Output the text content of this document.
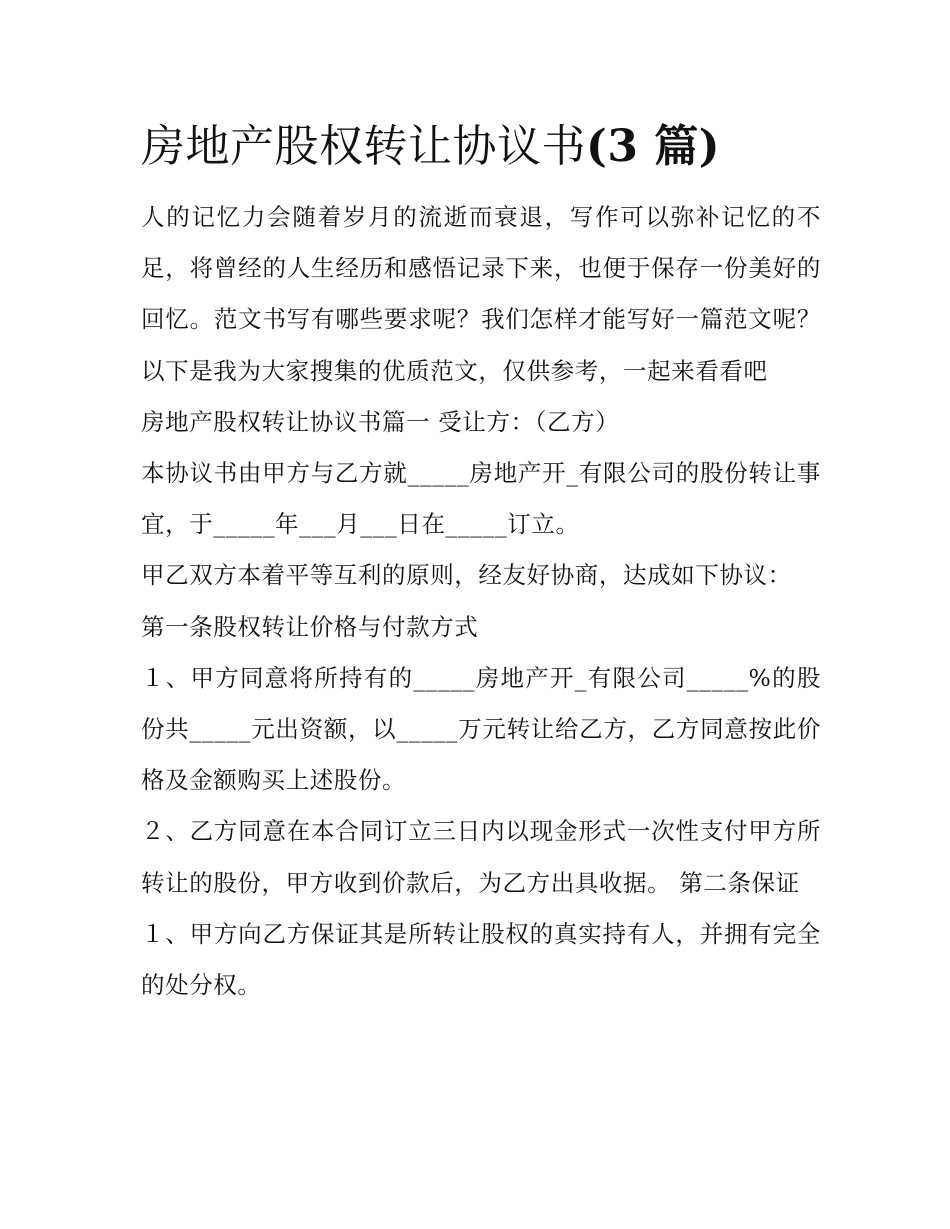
房地产股权转让协议书(3 篇)

人的记忆力会随着岁月的流逝而衰退，写作可以弥补记忆的不足，将曾经的人生经历和感悟记录下来，也便于保存一份美好的回忆。范文书写有哪些要求呢？我们怎样才能写好一篇范文呢？以下是我为大家搜集的优质范文，仅供参考，一起来看看吧

房地产股权转让协议书篇一 受让方：（乙方）

本协议书由甲方与乙方就_____房地产开_有限公司的股份转让事宜，于_____年___月___日在_____订立。

甲乙双方本着平等互利的原则，经友好协商，达成如下协议：

第一条股权转让价格与付款方式

１、甲方同意将所持有的_____房地产开_有限公司_____%的股份共_____元出资额，以_____万元转让给乙方，乙方同意按此价格及金额购买上述股份。

２、乙方同意在本合同订立三日内以现金形式一次性支付甲方所转让的股份，甲方收到价款后，为乙方出具收据。 第二条保证

１、甲方向乙方保证其是所转让股权的真实持有人，并拥有完全的处分权。
